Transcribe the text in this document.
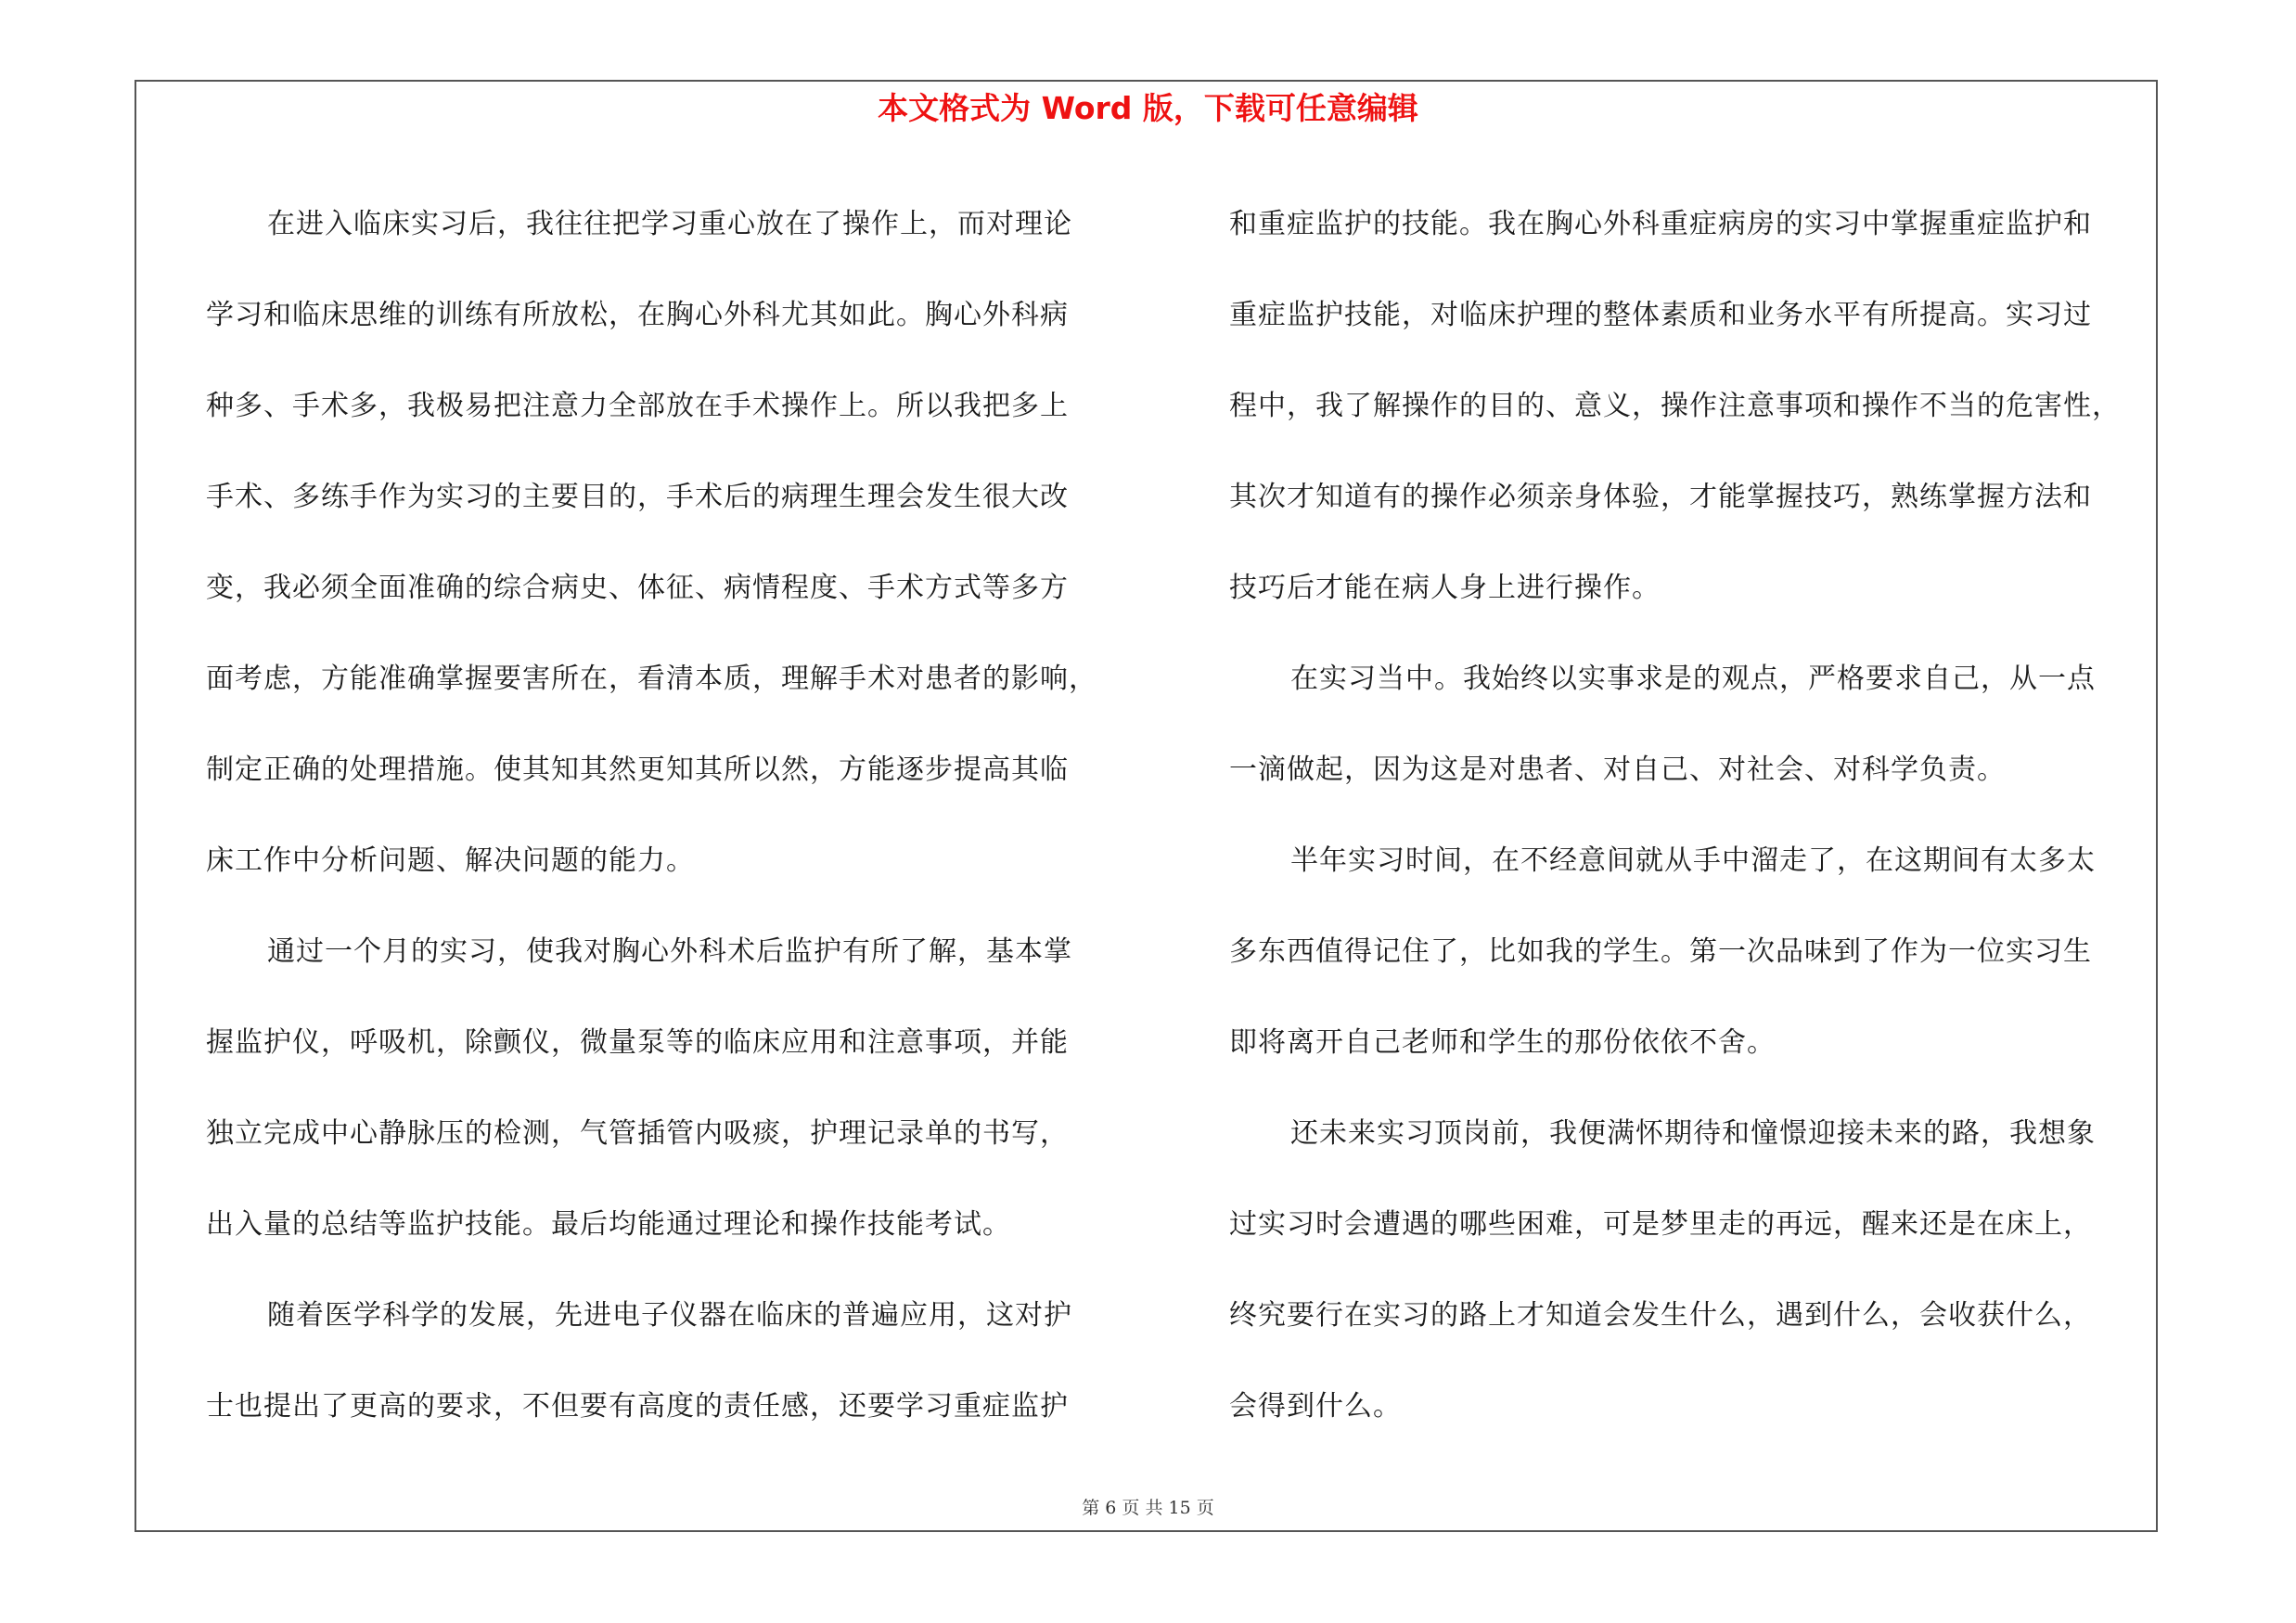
本文格式为 Word 版，下载可任意编辑

在进入临床实习后，我往往把学习重心放在了操作上，而对理论

学习和临床思维的训练有所放松，在胸心外科尤其如此。胸心外科病

种多、手术多，我极易把注意力全部放在手术操作上。所以我把多上

手术、多练手作为实习的主要目的，手术后的病理生理会发生很大改

变，我必须全面准确的综合病史、体征、病情程度、手术方式等多方

面考虑，方能准确掌握要害所在，看清本质，理解手术对患者的影响，

制定正确的处理措施。使其知其然更知其所以然，方能逐步提高其临

床工作中分析问题、解决问题的能力。

通过一个月的实习，使我对胸心外科术后监护有所了解，基本掌

握监护仪，呼吸机，除颤仪，微量泵等的临床应用和注意事项，并能

独立完成中心静脉压的检测，气管插管内吸痰，护理记录单的书写，

出入量的总结等监护技能。最后均能通过理论和操作技能考试。

随着医学科学的发展，先进电子仪器在临床的普遍应用，这对护

士也提出了更高的要求，不但要有高度的责任感，还要学习重症监护

和重症监护的技能。我在胸心外科重症病房的实习中掌握重症监护和

重症监护技能，对临床护理的整体素质和业务水平有所提高。实习过

程中，我了解操作的目的、意义，操作注意事项和操作不当的危害性，

其次才知道有的操作必须亲身体验，才能掌握技巧，熟练掌握方法和

技巧后才能在病人身上进行操作。

在实习当中。我始终以实事求是的观点，严格要求自己，从一点

一滴做起，因为这是对患者、对自己、对社会、对科学负责。

半年实习时间，在不经意间就从手中溜走了，在这期间有太多太

多东西值得记住了，比如我的学生。第一次品味到了作为一位实习生

即将离开自己老师和学生的那份依依不舍。

还未来实习顶岗前，我便满怀期待和憧憬迎接未来的路，我想象

过实习时会遭遇的哪些困难，可是梦里走的再远，醒来还是在床上，

终究要行在实习的路上才知道会发生什么，遇到什么，会收获什么，

会得到什么。

第 6 页 共 15 页
